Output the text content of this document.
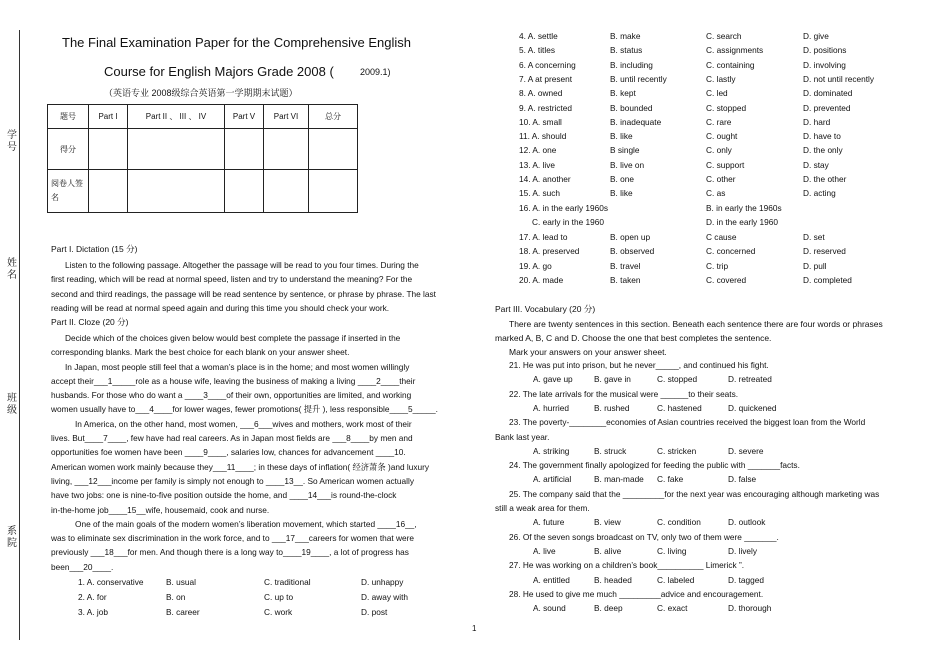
学号
姓名
班级
系院
The Final Examination Paper for the Comprehensive English
Course for English Majors Grade 2008 (	2009.1)
（英语专业 2008级综合英语第一学期期末试题）
题号	Part I	Part II 、 III 、 IV	Part V	Part VI	总分
得分					
阅卷人签名					
Part I. Dictation (15 分)
Listen to the following passage. Altogether the passage will be read to you four times. During the
first reading, which will be read at normal speed, listen and try to understand the meaning? For the
second and third readings, the passage will be read sentence by sentence, or phrase by phrase. The last
reading will be read at normal speed again and during this time you should check your work.
Part II. Cloze (20 分)
Decide which of the choices given below would best complete the passage if inserted in the
corresponding blanks. Mark the best choice for each blank on your answer sheet.
In Japan, most people still feel that a woman’s place is in the home; and most women willingly
accept their___1_____role as a house wife, leaving the business of making a living ____2____their
husbands. For those who do want a ____3____of their own, opportunities are limited, and working
women usually have to___4____for lower wages, fewer promotions( 提升 ), less responsible____5_____.
In America, on the other hand, most women, ___6___wives and mothers, work most of their
lives. But____7____, few have had real careers. As in Japan most fields are ___8____by men and
opportunities foe women have been ____9____, salaries low, chances for advancement ____10.
American women work mainly because they___11____; in these days of inflation( 经济萧条 )and luxury
living, ___12___income per family is simply not enough to ____13__. So American women actually
have two jobs: one is nine-to-five position outside the home, and ____14___is round-the-clock
in-the-home job____15__wife, housemaid, cook and nurse.
One of the main goals of the modern women’s liberation movement, which started ____16__,
was to eliminate sex discrimination in the work force, and to ___17___careers for women that were
previously ___18___for men. And though there is a long way to____19____, a lot of progress has
been___20____.
1. A. conservative	B. usual	C. traditional	D. unhappy
2. A. for	B. on	C. up to	D. away with
3. A. job	B. career	C. work	D. post
4. A. settle	B. make	C. search	D. give
5. A. titles	B. status	C. assignments	D. positions
6. A concerning	B. including	C. containing	D. involving
7. A at present	B. until recently	C. lastly	D. not until recently
8. A. owned	B. kept	C. led	D. dominated
9. A. restricted	B. bounded	C. stopped	D. prevented
10. A. small	B. inadequate	C. rare	D. hard
11. A. should	B. like	C. ought	D. have to
12. A. one	B single	C. only	D. the only
13. A. live	B. live on	C. support	D. stay
14. A. another	B. one	C. other	D. the other
15. A. such	B. like	C. as	D. acting
16. A. in the early 1960s	B. in early the 1960s
C. early in the 1960	D. in the early 1960
17. A. lead to	B. open up	C cause	D. set
18. A. preserved	B. observed	C. concerned	D. reserved
19. A. go	B. travel	C. trip	D. pull
20. A. made	B. taken	C. covered	D. completed
Part III. Vocabulary (20 分)
There are twenty sentences in this section. Beneath each sentence there are four words or phrases
marked A, B, C and D. Choose the one that best completes the sentence.
Mark your answers on your answer sheet.
21. He was put into prison, but he never_____, and continued his fight.
A. gave up	B. gave in	C. stopped	D. retreated
22. The late arrivals for the musical were ______to their seats.
A. hurried	B. rushed	C. hastened	D. quickened
23. The poverty-________economies of Asian countries received the biggest loan from the World
Bank last year.
A. striking	B. struck	C. stricken	D. severe
24. The government finally apologized for feeding the public with _______facts.
A. artificial	B. man-made C. fake	D. false
25. The company said that the _________for the next year was encouraging although marketing was
still a weak area for them.
A. future	B. view	C. condition	D. outlook
26. Of the seven songs broadcast on TV, only two of them were _______.
A. live	B. alive	C. living	D. lively
27. He was working on a children’s book__________ Limerick ”.
A. entitled	B. headed	C. labeled	D. tagged
28. He used to give me much _________advice and encouragement.
A. sound	B. deep	C. exact	D. thorough
1
